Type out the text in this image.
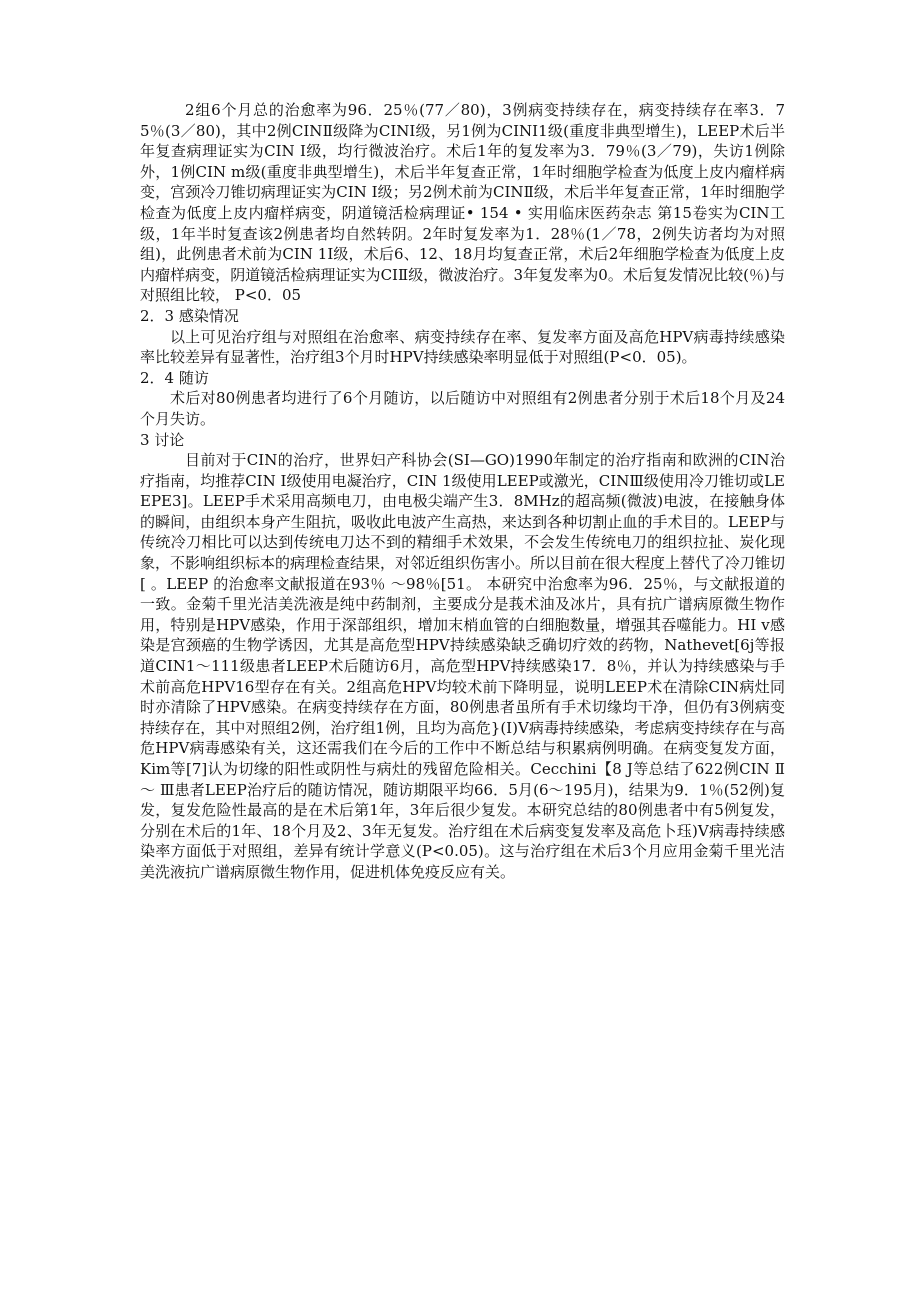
2组6个月总的治愈率为96．25％(77／80)，3例病变持续存在，病变持续存在率3．75％(3／80)，其中2例CINⅡ级降为CINI级，另1例为CINI1级(重度非典型增生)，LEEP术后半年复查病理证实为CIN I级，均行微波治疗。术后1年的复发率为3．79％(3／79)，失访1例除外，1例CIN m级(重度非典型增生)，术后半年复查正常，1年时细胞学检查为低度上皮内瘤样病变，宫颈冷刀锥切病理证实为CIN I级；另2例术前为CINⅡ级，术后半年复查正常，1年时细胞学检查为低度上皮内瘤样病变，阴道镜活检病理证• 154 • 实用临床医药杂志 第15卷实为CIN工级，1年半时复查该2例患者均自然转阴。2年时复发率为1．28％(1／78，2例失访者均为对照组)，此例患者术前为CIN 1I级，术后6、12、18月均复查正常，术后2年细胞学检查为低度上皮内瘤样病变，阴道镜活检病理证实为CIⅡ级，微波治疗。3年复发率为0。术后复发情况比较(％)与对照组比较， P<0．05

2．3 感染情况

以上可见治疗组与对照组在治愈率、病变持续存在率、复发率方面及高危HPV病毒持续感染率比较差异有显著性，治疗组3个月时HPV持续感染率明显低于对照组(P<0．05)。

2．4 随访

术后对80例患者均进行了6个月随访，以后随访中对照组有2例患者分别于术后18个月及24个月失访。

3 讨论

目前对于CIN的治疗，世界妇产科协会(SI—GO)1990年制定的治疗指南和欧洲的CIN治疗指南，均推荐CIN I级使用电凝治疗，CIN 1级使用LEEP或激光，CINⅢ级使用冷刀锥切或LEEPE3]。LEEP手术采用高频电刀，由电极尖端产生3．8MHz的超高频(微波)电波，在接触身体的瞬间，由组织本身产生阻抗，吸收此电波产生高热，来达到各种切割止血的手术目的。LEEP与传统冷刀相比可以达到传统电刀达不到的精细手术效果，不会发生传统电刀的组织拉扯、炭化现象，不影响组织标本的病理检查结果，对邻近组织伤害小。所以目前在很大程度上替代了冷刀锥切[ 。LEEP 的治愈率文献报道在93％ ～98％[51。 本研究中治愈率为96．25％，与文献报道的一致。金菊千里光洁美洗液是纯中药制剂，主要成分是莪术油及冰片，具有抗广谱病原微生物作用，特别是HPV感染，作用于深部组织，增加末梢血管的白细胞数量，增强其吞噬能力。HI v感染是宫颈癌的生物学诱因，尤其是高危型HPV持续感染缺乏确切疗效的药物，Nathevet[6j等报道CIN1～111级患者LEEP术后随访6月，高危型HPV持续感染17．8％，并认为持续感染与手术前高危HPV16型存在有关。2组高危HPV均较术前下降明显，说明LEEP术在清除CIN病灶同时亦清除了HPV感染。在病变持续存在方面，80例患者虽所有手术切缘均干净，但仍有3例病变持续存在，其中对照组2例，治疗组1例，且均为高危}(I)V病毒持续感染，考虑病变持续存在与高危HPV病毒感染有关，这还需我们在今后的工作中不断总结与积累病例明确。在病变复发方面，Kim等[7]认为切缘的阳性或阴性与病灶的残留危险相关。Cecchini【8 J等总结了622例CIN Ⅱ～ Ⅲ患者LEEP治疗后的随访情况，随访期限平均66．5月(6～195月)，结果为9．1％(52例)复发，复发危险性最高的是在术后第1年，3年后很少复发。本研究总结的80例患者中有5例复发，分别在术后的1年、18个月及2、3年无复发。治疗组在术后病变复发率及高危卜珏)V病毒持续感染率方面低于对照组，差异有统计学意义(P<0.05)。这与治疗组在术后3个月应用金菊千里光洁美洗液抗广谱病原微生物作用，促进机体免疫反应有关。
